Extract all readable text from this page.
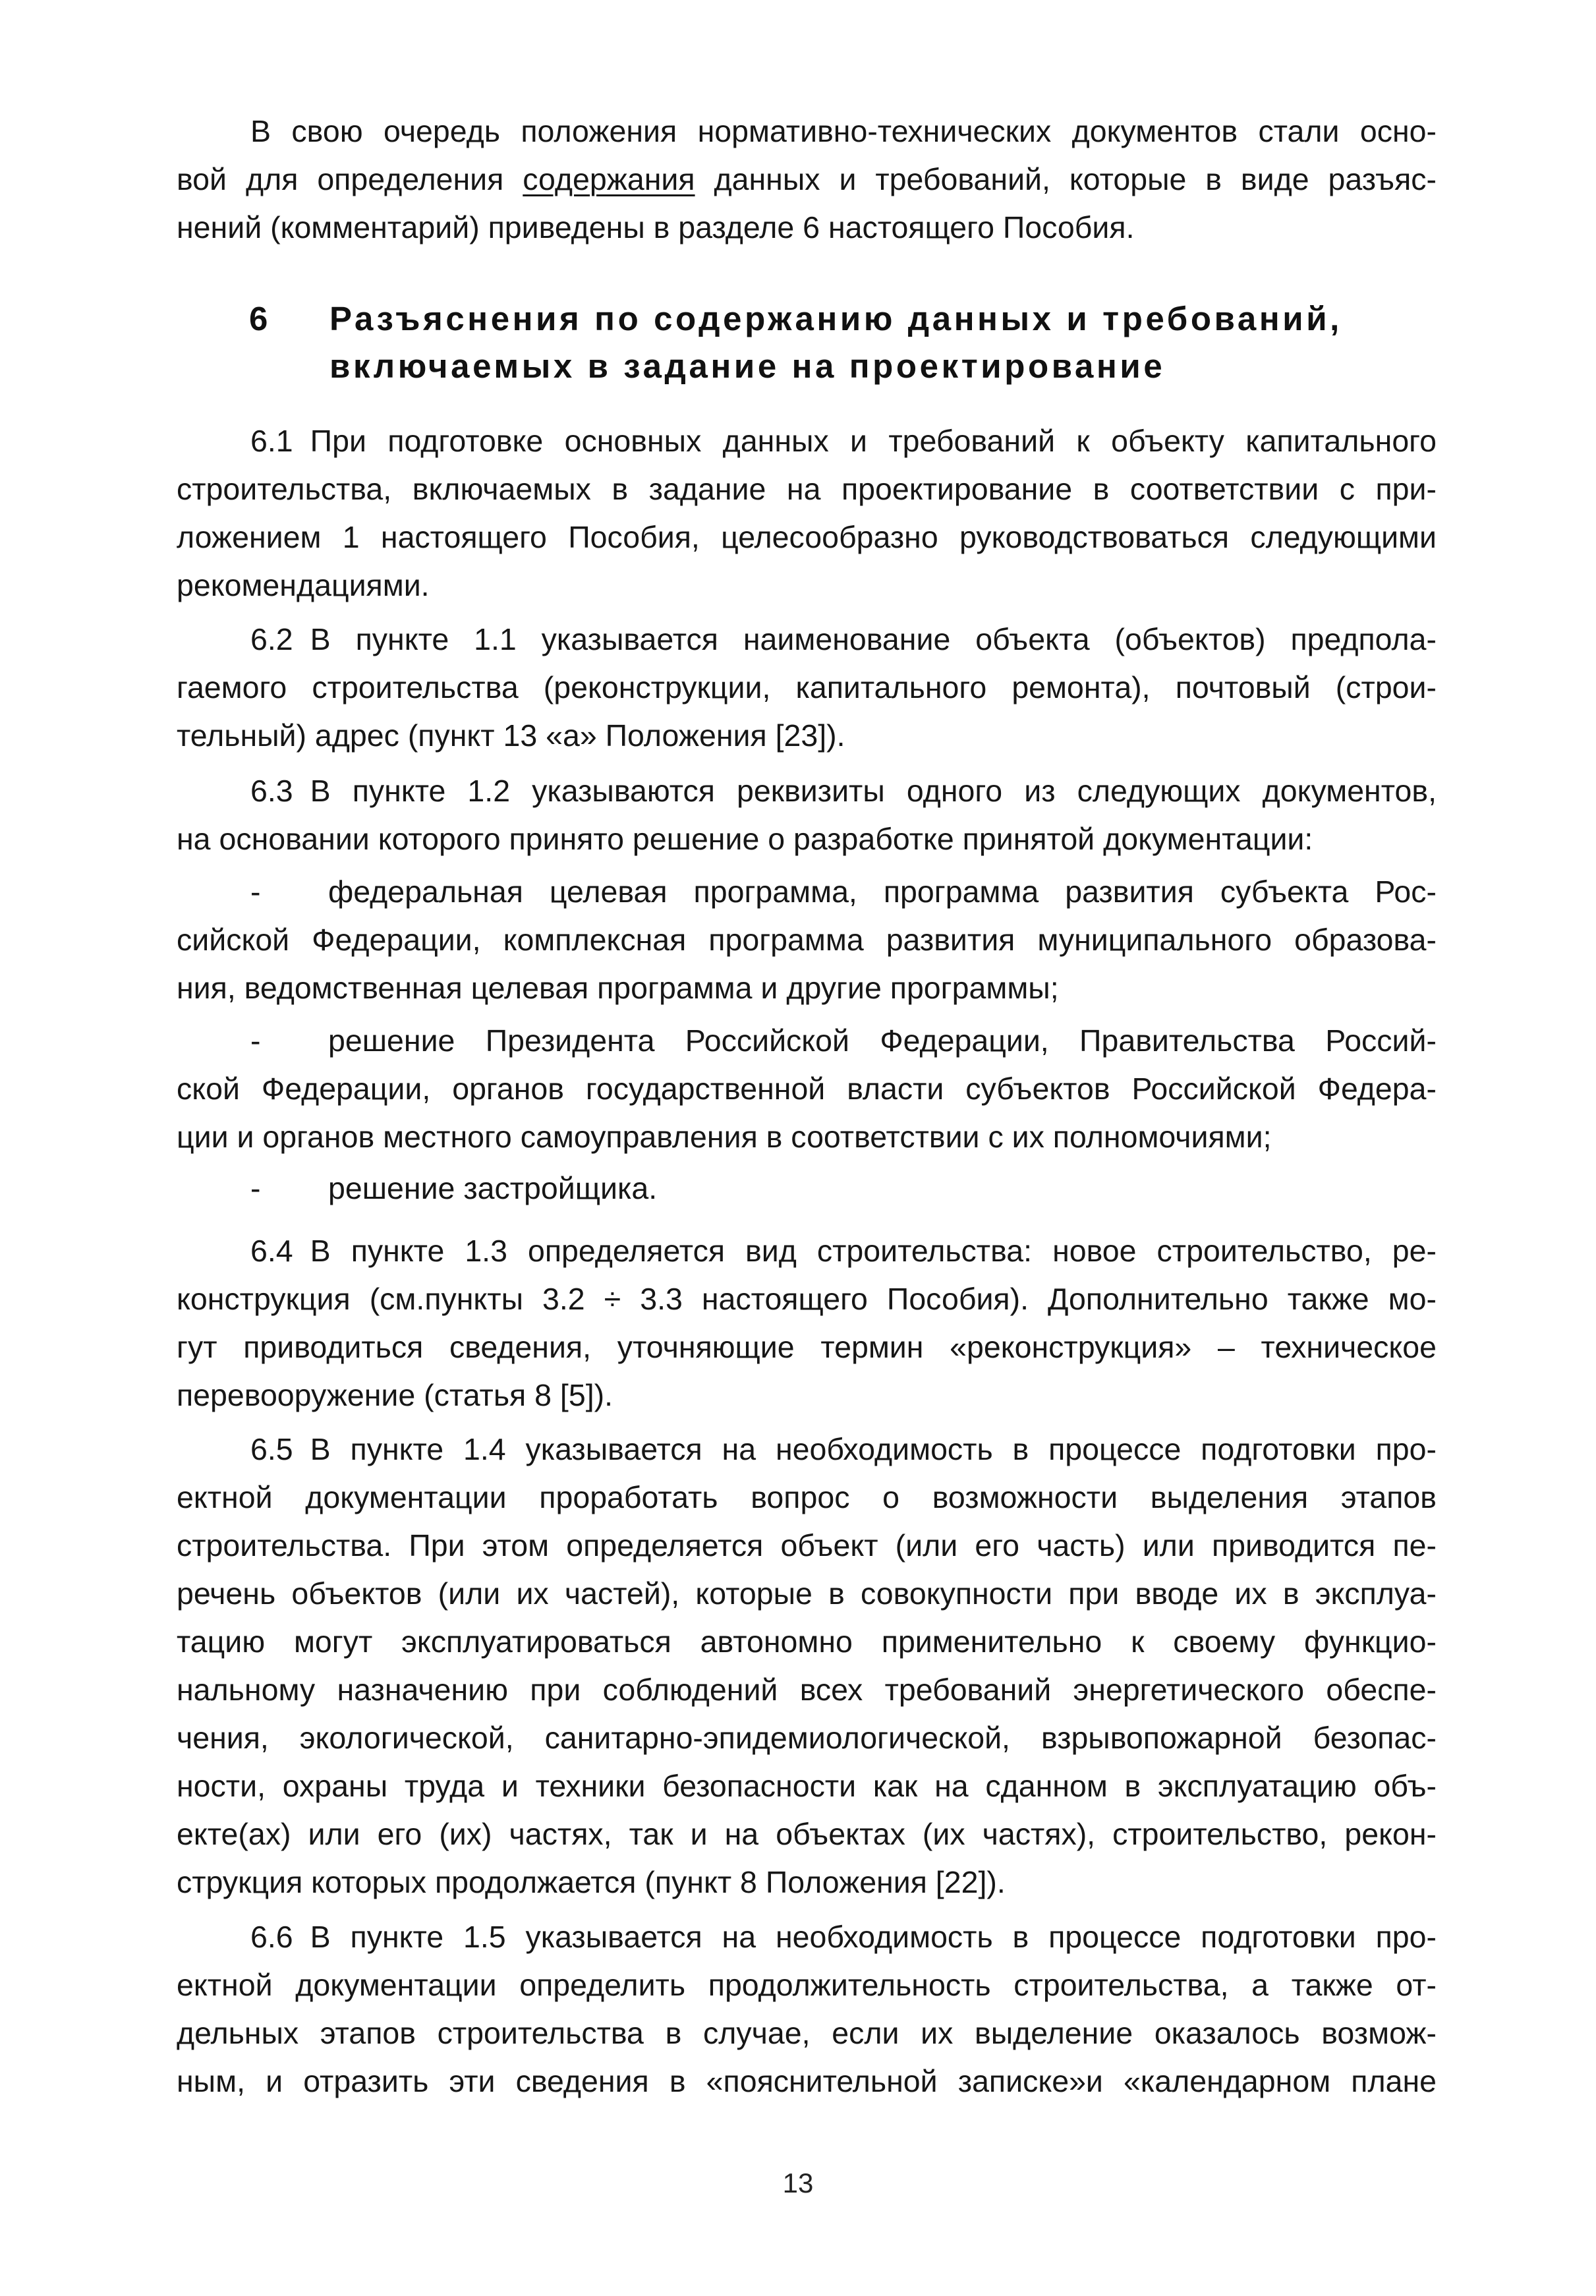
В свою очередь положения нормативно-технических документов стали осно-

вой для определения содержания данных и требований, которые в виде разъяс-

нений (комментарий) приведены в разделе 6 настоящего Пособия.

6 Разъяснения по содержанию данных и требований,
включаемых в задание на проектирование

6.1 При подготовке основных данных и требований к объекту капитального

строительства, включаемых в задание на проектирование в соответствии с при-

ложением 1 настоящего Пособия, целесообразно руководствоваться следующими

рекомендациями.

6.2 В пункте 1.1 указывается наименование объекта (объектов) предпола-

гаемого строительства (реконструкции, капитального ремонта), почтовый (строи-

тельный) адрес (пункт 13 «а» Положения [23]).

6.3 В пункте 1.2 указываются реквизиты одного из следующих документов,

на основании которого принято решение о разработке принятой документации:

-	федеральная целевая программа, программа развития субъекта Рос-

сийской Федерации, комплексная программа развития муниципального образова-

ния, ведомственная целевая программа и другие программы;

-	решение Президента Российской Федерации, Правительства Россий-

ской Федерации, органов государственной власти субъектов Российской Федера-

ции и органов местного самоуправления в соответствии с их полномочиями;

-	решение застройщика.

6.4 В пункте 1.3 определяется вид строительства: новое строительство, ре-

конструкция (см.пункты 3.2 ÷ 3.3 настоящего Пособия). Дополнительно также мо-

гут приводиться сведения, уточняющие термин «реконструкция» – техническое

перевооружение (статья 8 [5]).

6.5 В пункте 1.4 указывается на необходимость в процессе подготовки про-

ектной документации проработать вопрос о возможности выделения этапов

строительства. При этом определяется объект (или его часть) или приводится пе-

речень объектов (или их частей), которые в совокупности при вводе их в эксплуа-

тацию могут эксплуатироваться автономно применительно к своему функцио-

нальному назначению при соблюдений всех требований энергетического обеспе-

чения, экологической, санитарно-эпидемиологической, взрывопожарной безопас-

ности, охраны труда и техники безопасности как на сданном в эксплуатацию объ-

екте(ах) или его (их) частях, так и на объектах (их частях), строительство, рекон-

струкция которых продолжается (пункт 8 Положения [22]).

6.6 В пункте 1.5 указывается на необходимость в процессе подготовки про-

ектной документации определить продолжительность строительства, а также от-

дельных этапов строительства в случае, если их выделение оказалось возмож-

ным, и отразить эти сведения в «пояснительной записке»и «календарном плане

13
